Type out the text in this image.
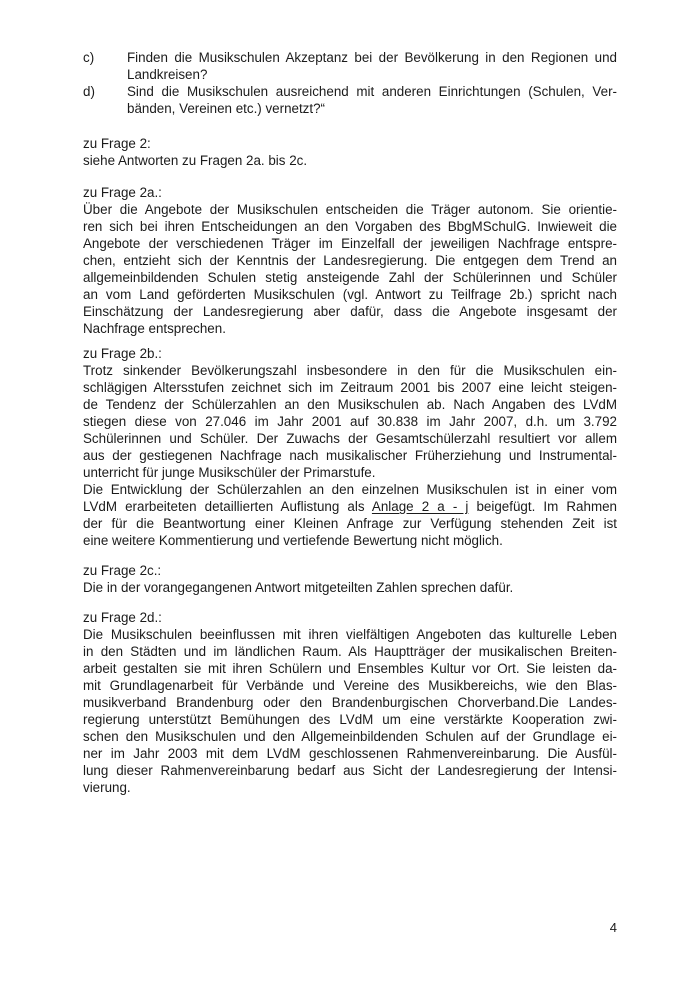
c) Finden die Musikschulen Akzeptanz bei der Bevölkerung in den Regionen und
Landkreisen?
d) Sind die Musikschulen ausreichend mit anderen Einrichtungen (Schulen, Ver-
bänden, Vereinen etc.) vernetzt?“
zu Frage 2:
siehe Antworten zu Fragen 2a. bis 2c.
zu Frage 2a.:
Über die Angebote der Musikschulen entscheiden die Träger autonom. Sie orientie-
ren sich bei ihren Entscheidungen an den Vorgaben des BbgMSchulG. Inwieweit die
Angebote der verschiedenen Träger im Einzelfall der jeweiligen Nachfrage entspre-
chen, entzieht sich der Kenntnis der Landesregierung. Die entgegen dem Trend an
allgemeinbildenden Schulen stetig ansteigende Zahl der Schülerinnen und Schüler
an vom Land geförderten Musikschulen (vgl. Antwort zu Teilfrage 2b.) spricht nach
Einschätzung der Landesregierung aber dafür, dass die Angebote insgesamt der
Nachfrage entsprechen.
zu Frage 2b.:
Trotz sinkender Bevölkerungszahl insbesondere in den für die Musikschulen ein-
schlägigen Altersstufen zeichnet sich im Zeitraum 2001 bis 2007 eine leicht steigen-
de Tendenz der Schülerzahlen an den Musikschulen ab. Nach Angaben des LVdM
stiegen diese von 27.046 im Jahr 2001 auf 30.838 im Jahr 2007, d.h. um 3.792
Schülerinnen und Schüler. Der Zuwachs der Gesamtschülerzahl resultiert vor allem
aus der gestiegenen Nachfrage nach musikalischer Früherziehung und Instrumental-
unterricht für junge Musikschüler der Primarstufe.
Die Entwicklung der Schülerzahlen an den einzelnen Musikschulen ist in einer vom
LVdM erarbeiteten detaillierten Auflistung als Anlage 2 a - j beigefügt. Im Rahmen
der für die Beantwortung einer Kleinen Anfrage zur Verfügung stehenden Zeit ist
eine weitere Kommentierung und vertiefende Bewertung nicht möglich.
zu Frage 2c.:
Die in der vorangegangenen Antwort mitgeteilten Zahlen sprechen dafür.
zu Frage 2d.:
Die Musikschulen beeinflussen mit ihren vielfältigen Angeboten das kulturelle Leben
in den Städten und im ländlichen Raum. Als Hauptträger der musikalischen Breiten-
arbeit gestalten sie mit ihren Schülern und Ensembles Kultur vor Ort. Sie leisten da-
mit Grundlagenarbeit für Verbände und Vereine des Musikbereichs, wie den Blas-
musikverband Brandenburg oder den Brandenburgischen Chorverband.Die Landes-
regierung unterstützt Bemühungen des LVdM um eine verstärkte Kooperation zwi-
schen den Musikschulen und den Allgemeinbildenden Schulen auf der Grundlage ei-
ner im Jahr 2003 mit dem LVdM geschlossenen Rahmenvereinbarung. Die Ausfül-
lung dieser Rahmenvereinbarung bedarf aus Sicht der Landesregierung der Intensi-
vierung.
4
